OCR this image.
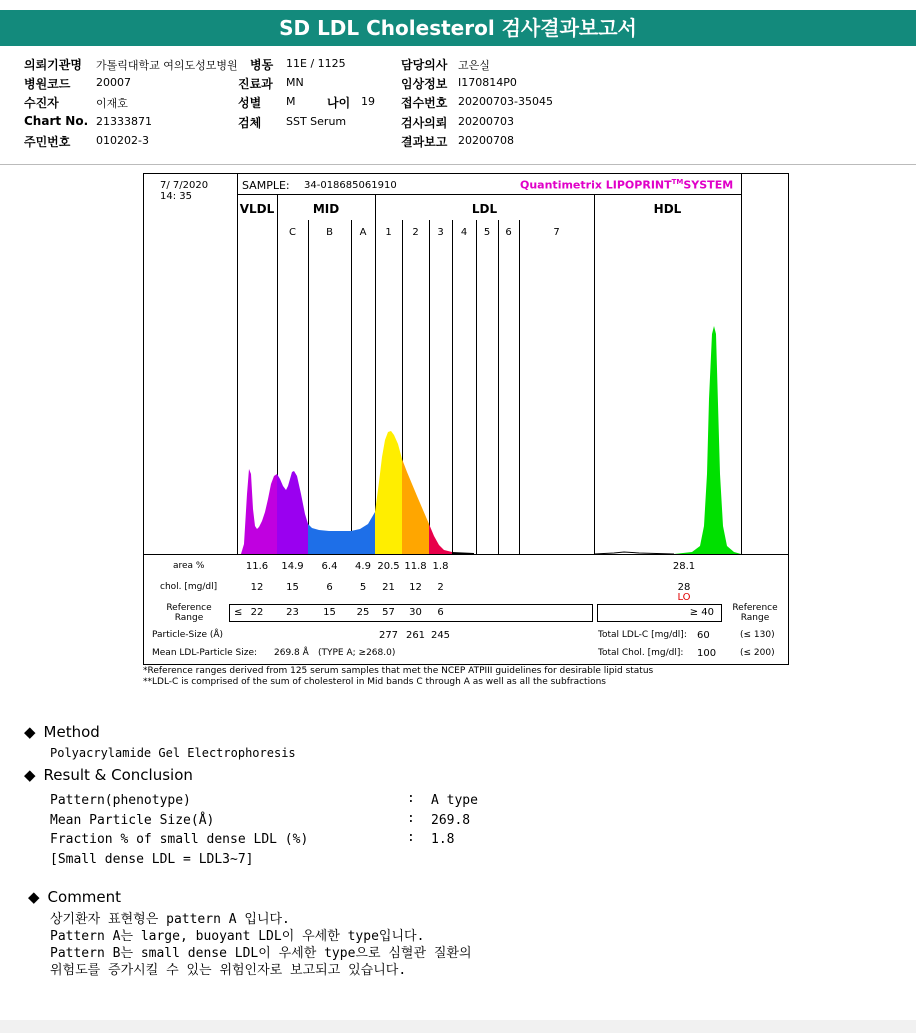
SD LDL Cholesterol 검사결과보고서
의뢰기관명 가톨릭대학교 여의도성모병원
병원코드 20007
수진자	이재호
Chart No. 21333871
주민번호 010202-3
병동 11E / 1125
진료과 MN
성별 M	나이 19
검체 SST Serum
담당의사 고은실
임상정보 I170814P0
접수번호 20200703-35045
검사의뢰 20200703
결과보고 20200708
7/ 7/2020
14: 35
SAMPLE: 34-018685061910	Quantimetrix LIPOPRINT™SYSTEM
VLDL	MID	LDL	HDL
C	B	A	1	2	3	4	5	6	7
area %	11.6	14.9	6.4	4.9 20.5 11.8 1.8	28.1
chol. [mg/dl]	12	15	6	5	21	12	2	28
LO
Reference
Range	≤ 22	23	15	25	57	30	6	≥ 40	Reference
Range
Particle-Size (Å)	277 261 245	Total LDL-C [mg/dl]: 60	(≤ 130)
Mean LDL-Particle Size: 269.8 Å (TYPE A; ≥268.0)	Total Chol. [mg/dl]: 100	(≤ 200)
*Reference ranges derived from 125 serum samples that met the NCEP ATPIII guidelines for desirable lipid status
**LDL-C is comprised of the sum of cholesterol in Mid bands C through A as well as all the subfractions
◆ Method
Polyacrylamide Gel Electrophoresis
◆ Result & Conclusion
Pattern(phenotype)	: A type
Mean Particle Size(Å)	: 269.8
Fraction % of small dense LDL (%)	: 1.8
[Small dense LDL = LDL3~7]
◆ Comment
상기환자 표현형은 pattern A 입니다.
Pattern A는 large, buoyant LDL이 우세한 type입니다.
Pattern B는 small dense LDL이 우세한 type으로 심혈관 질환의
위험도를 증가시킬 수 있는 위험인자로 보고되고 있습니다.
